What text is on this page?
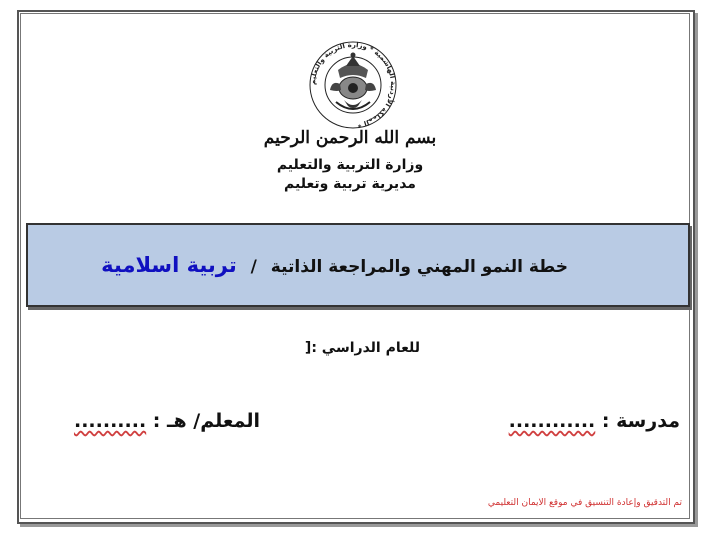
المملكة الأردنية الهاشمية * وزارة التربية والتعليم *
بسم الله الرحمن الرحيم
وزارة التربية والتعليم
مديرية تربية وتعليم
خطة النمو المهني والمراجعة الذاتية / تربية اسلامية
للعام الدراسي :[
مدرسة : ............
المعلم/ هـ : ..........
تم التدقيق وإعادة التنسيق في موقع الايمان التعليمي
